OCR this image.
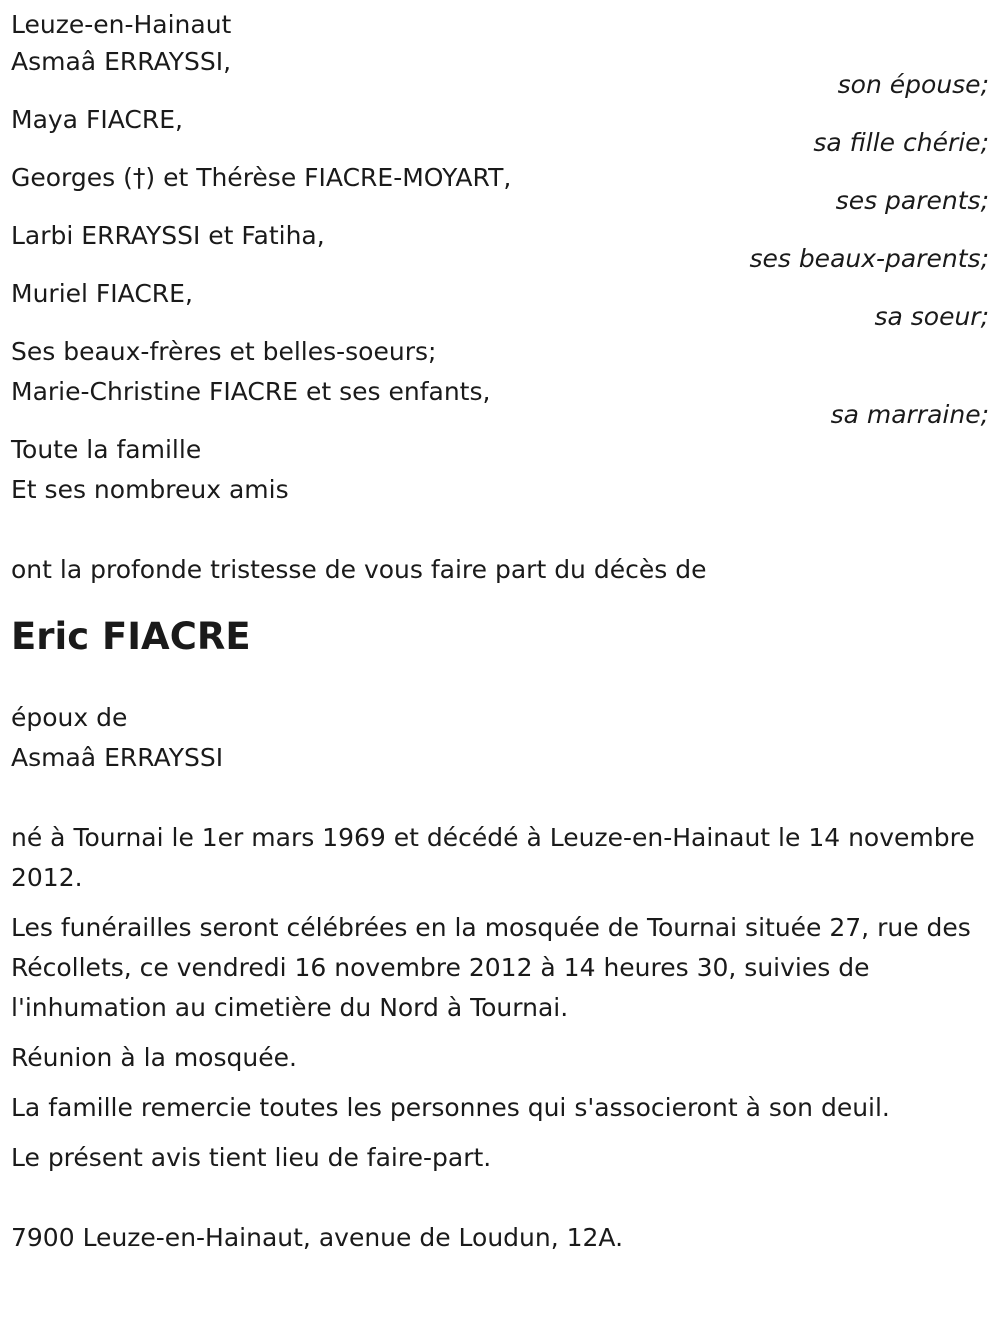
Leuze-en-Hainaut
Asmaâ ERRAYSSI,
son épouse;
Maya FIACRE,
sa fille chérie;
Georges (†) et Thérèse FIACRE-MOYART,
ses parents;
Larbi ERRAYSSI et Fatiha,
ses beaux-parents;
Muriel FIACRE,
sa soeur;
Ses beaux-frères et belles-soeurs;
Marie-Christine FIACRE et ses enfants,
sa marraine;
Toute la famille
Et ses nombreux amis
ont la profonde tristesse de vous faire part du décès de
Eric FIACRE
époux de
Asmaâ ERRAYSSI
né à Tournai le 1er mars 1969 et décédé à Leuze-en-Hainaut le 14 novembre 2012.
Les funérailles seront célébrées en la mosquée de Tournai située 27, rue des Récollets, ce vendredi 16 novembre 2012 à 14 heures 30, suivies de l'inhumation au cimetière du Nord à Tournai.
Réunion à la mosquée.
La famille remercie toutes les personnes qui s'associeront à son deuil.
Le présent avis tient lieu de faire-part.
7900 Leuze-en-Hainaut, avenue de Loudun, 12A.
